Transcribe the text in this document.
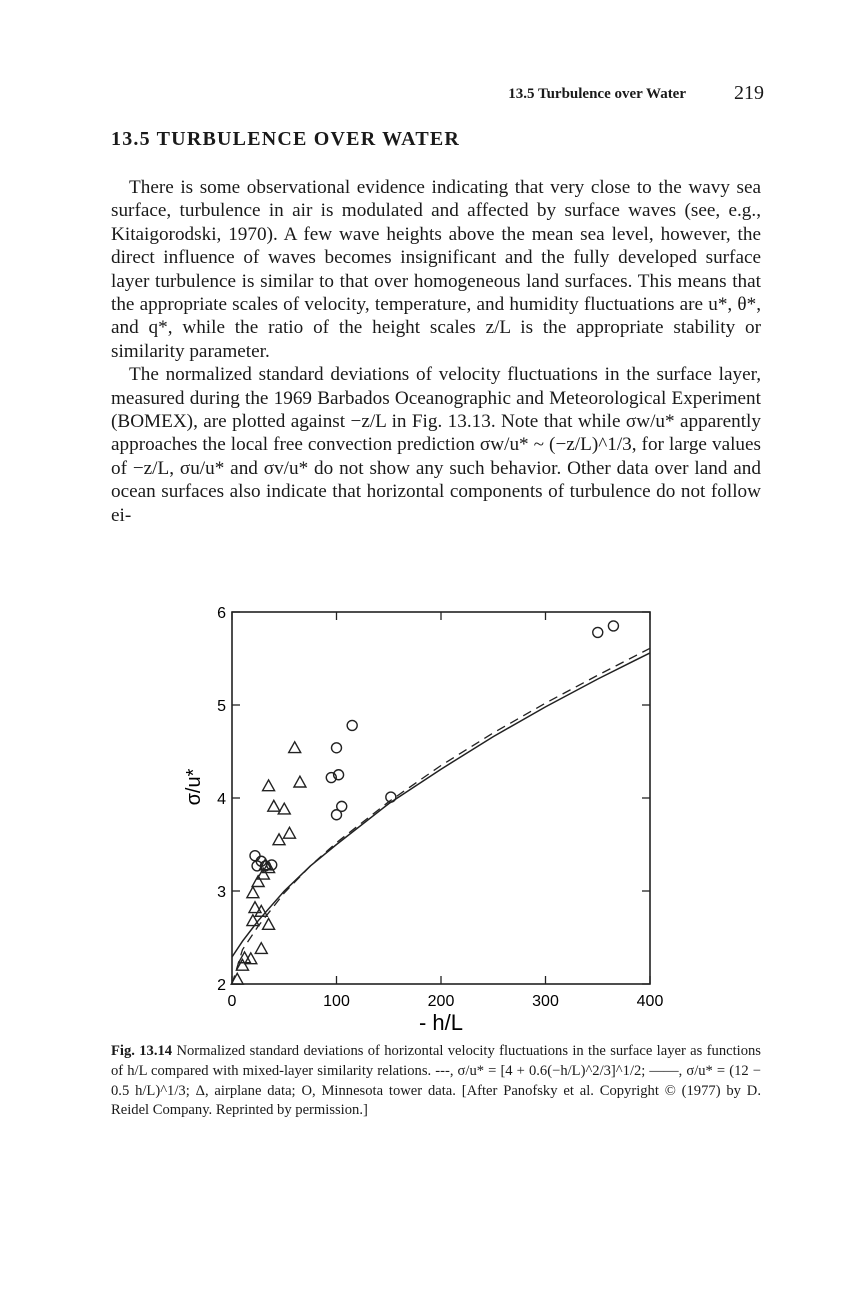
13.5 Turbulence over Water 219
13.5 TURBULENCE OVER WATER

There is some observational evidence indicating that very close to the wavy sea surface, turbulence in air is modulated and affected by surface waves (see, e.g., Kitaigorodski, 1970). A few wave heights above the mean sea level, however, the direct influence of waves becomes insignificant and the fully developed surface layer turbulence is similar to that over homogeneous land surfaces. This means that the appropriate scales of velocity, temperature, and humidity fluctuations are u*, θ*, and q*, while the ratio of the height scales z/L is the appropriate stability or similarity parameter.

The normalized standard deviations of velocity fluctuations in the surface layer, measured during the 1969 Barbados Oceanographic and Meteorological Experiment (BOMEX), are plotted against −z/L in Fig. 13.13. Note that while σw/u* apparently approaches the local free convection prediction σw/u* ~ (−z/L)^1/3, for large values of −z/L, σu/u* and σv/u* do not show any such behavior. Other data over land and ocean surfaces also indicate that horizontal components of turbulence do not follow ei-

0	100	200	300	400
2
3
4
5
6
- h/L
σ/u*
Fig. 13.14 Normalized standard deviations of horizontal velocity fluctuations in the surface layer as functions of h/L compared with mixed-layer similarity relations. ---, σ/u* = [4 + 0.6(−h/L)^2/3]^1/2; ——, σ/u* = (12 − 0.5 h/L)^1/3; Δ, airplane data; O, Minnesota tower data. [After Panofsky et al. Copyright © (1977) by D. Reidel Company. Reprinted by permission.]
